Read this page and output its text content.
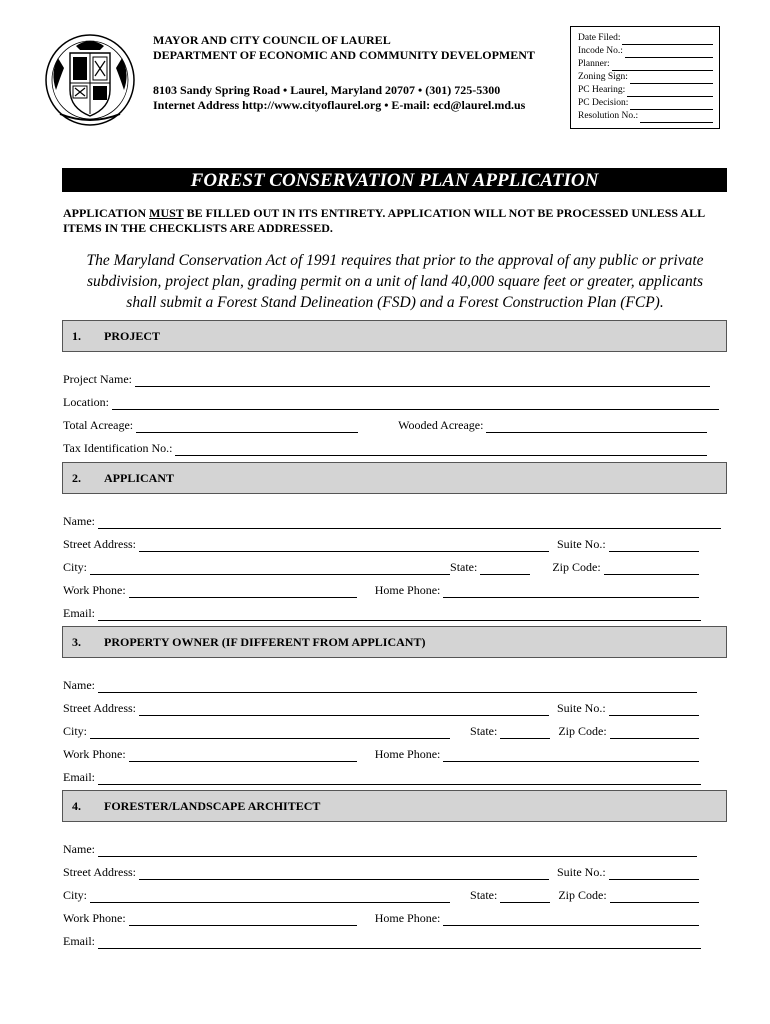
MAYOR AND CITY COUNCIL OF LAUREL
DEPARTMENT OF ECONOMIC AND COMMUNITY DEVELOPMENT
8103 Sandy Spring Road • Laurel, Maryland 20707 • (301) 725-5300
Internet Address http://www.cityoflaurel.org • E-mail: ecd@laurel.md.us
Date Filed:
Incode No.:
Planner:
Zoning Sign:
PC Hearing:
PC Decision:
Resolution No.:
FOREST CONSERVATION PLAN APPLICATION
APPLICATION MUST BE FILLED OUT IN ITS ENTIRETY. APPLICATION WILL NOT BE PROCESSED UNLESS ALL ITEMS IN THE CHECKLISTS ARE ADDRESSED.
The Maryland Conservation Act of 1991 requires that prior to the approval of any public or private subdivision, project plan, grading permit on a unit of land 40,000 square feet or greater, applicants shall submit a Forest Stand Delineation (FSD) and a Forest Construction Plan (FCP).
1. PROJECT
Project Name:
Location:
Total Acreage:	Wooded Acreage:
Tax Identification No.:
2. APPLICANT
Name:
Street Address:	Suite No.:
City:	State:	Zip Code:
Work Phone:	Home Phone:
Email:
3. PROPERTY OWNER (IF DIFFERENT FROM APPLICANT)
Name:
Street Address:	Suite No.:
City:	State:	Zip Code:
Work Phone:	Home Phone:
Email:
4. FORESTER/LANDSCAPE ARCHITECT
Name:
Street Address:	Suite No.:
City:	State:	Zip Code:
Work Phone:	Home Phone:
Email:
